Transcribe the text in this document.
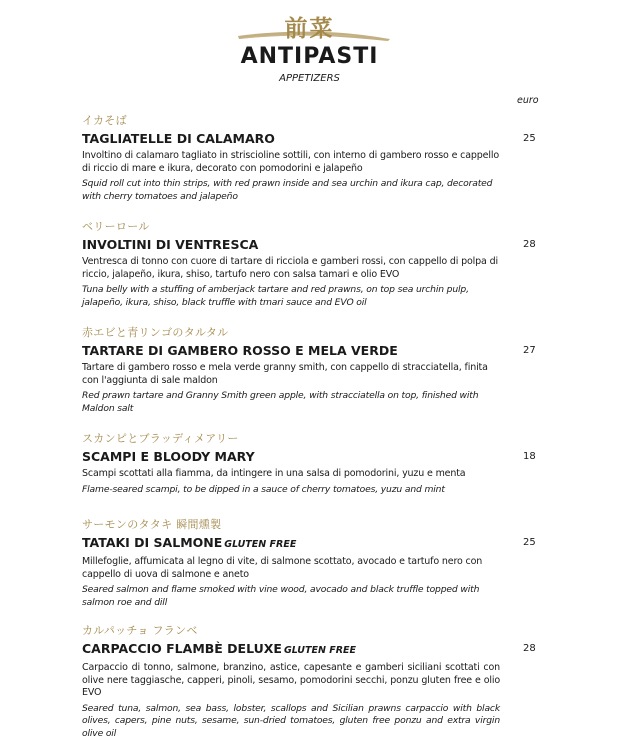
前菜
ANTIPASTI
APPETIZERS
euro
イカそば
TAGLIATELLE DI CALAMARO	25
Involtino di calamaro tagliato in striscioline sottili, con interno di gambero rosso e cappello di riccio di mare e ikura, decorato con pomodorini e jalapeño
Squid roll cut into thin strips, with red prawn inside and sea urchin and ikura cap, decorated with cherry tomatoes and jalapeño
ベリーロール
INVOLTINI DI VENTRESCA	28
Ventresca di tonno con cuore di tartare di ricciola e gamberi rossi, con cappello di polpa di riccio, jalapeño, ikura, shiso, tartufo nero con salsa tamari e olio EVO
Tuna belly with a stuffing of amberjack tartare and red prawns, on top sea urchin pulp, jalapeño, ikura, shiso, black truffle with tmari sauce and EVO oil
赤エビと青リンゴのタルタル
TARTARE DI GAMBERO ROSSO E MELA VERDE	27
Tartare di gambero rosso e mela verde granny smith, con cappello di stracciatella, finita con l'aggiunta di sale maldon
Red prawn tartare and Granny Smith green apple, with stracciatella on top, finished with Maldon salt
スカンピとブラッディメアリー
SCAMPI E BLOODY MARY	18
Scampi scottati alla fiamma, da intingere in una salsa di pomodorini, yuzu e menta
Flame-seared scampi, to be dipped in a sauce of cherry tomatoes, yuzu and mint
サーモンのタタキ 瞬間燻製
TATAKI DI SALMONE GLUTEN FREE	25
Millefoglie, affumicata al legno di vite, di salmone scottato, avocado e tartufo nero con cappello di uova di salmone e aneto
Seared salmon and flame smoked with vine wood, avocado and black truffle topped with salmon roe and dill
カルパッチョ フランベ
CARPACCIO FLAMBÈ DELUXE GLUTEN FREE	28
Carpaccio di tonno, salmone, branzino, astice, capesante e gamberi siciliani scottati con olive nere taggiasche, capperi, pinoli, sesamo, pomodorini secchi, ponzu gluten free e olio EVO
Seared tuna, salmon, sea bass, lobster, scallops and Sicilian prawns carpaccio with black olives, capers, pine nuts, sesame, sun-dried tomatoes, gluten free ponzu and extra virgin olive oil
